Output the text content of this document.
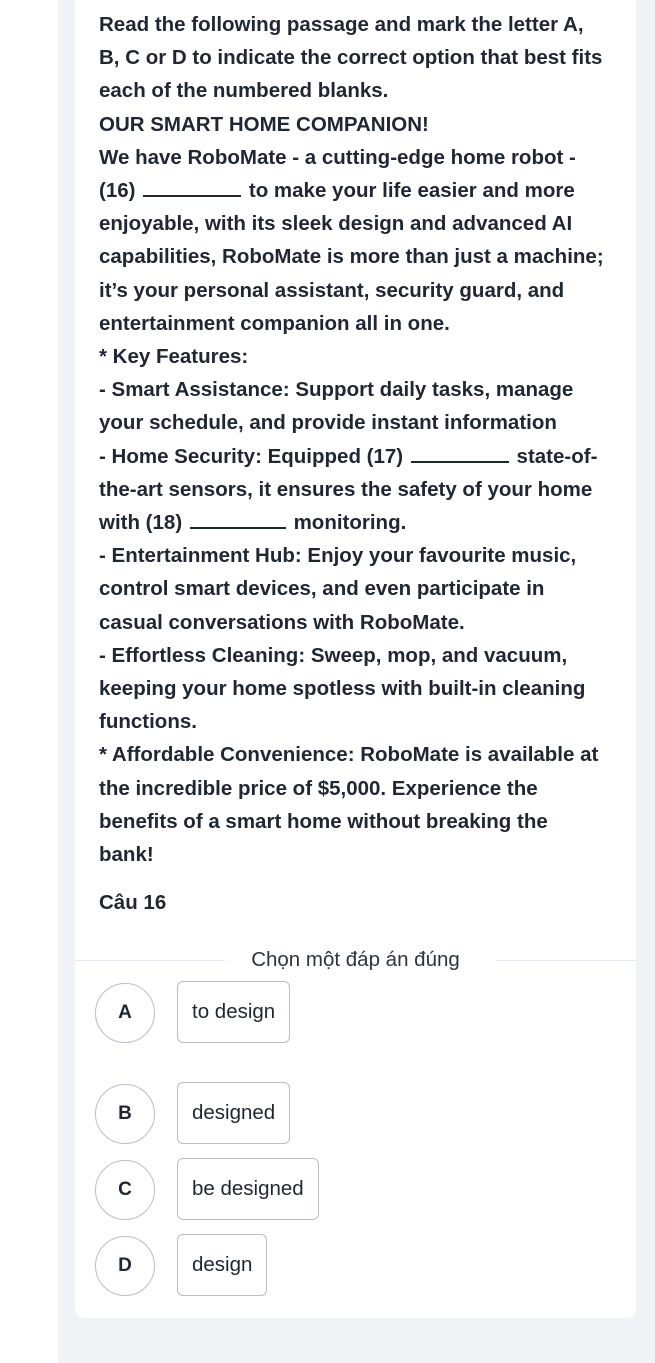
Read the following passage and mark the letter A,

B, C or D to indicate the correct option that best fits

each of the numbered blanks.

OUR SMART HOME COMPANION!

We have RoboMate - a cutting-edge home robot -

(16)	to make your life easier and more

enjoyable, with its sleek design and advanced AI

capabilities, RoboMate is more than just a machine;

it’s your personal assistant, security guard, and

entertainment companion all in one.

* Key Features:

- Smart Assistance: Support daily tasks, manage

your schedule, and provide instant information

- Home Security: Equipped (17)	state-of-

the-art sensors, it ensures the safety of your home

with (18)	monitoring.

- Entertainment Hub: Enjoy your favourite music,

control smart devices, and even participate in

casual conversations with RoboMate.

- Effortless Cleaning: Sweep, mop, and vacuum,

keeping your home spotless with built-in cleaning

functions.

* Affordable Convenience: RoboMate is available at

the incredible price of $5,000. Experience the

benefits of a smart home without breaking the

bank!

Câu 16
Chọn một đáp án đúng
A	to design
B	designed
C	be designed
D	design
